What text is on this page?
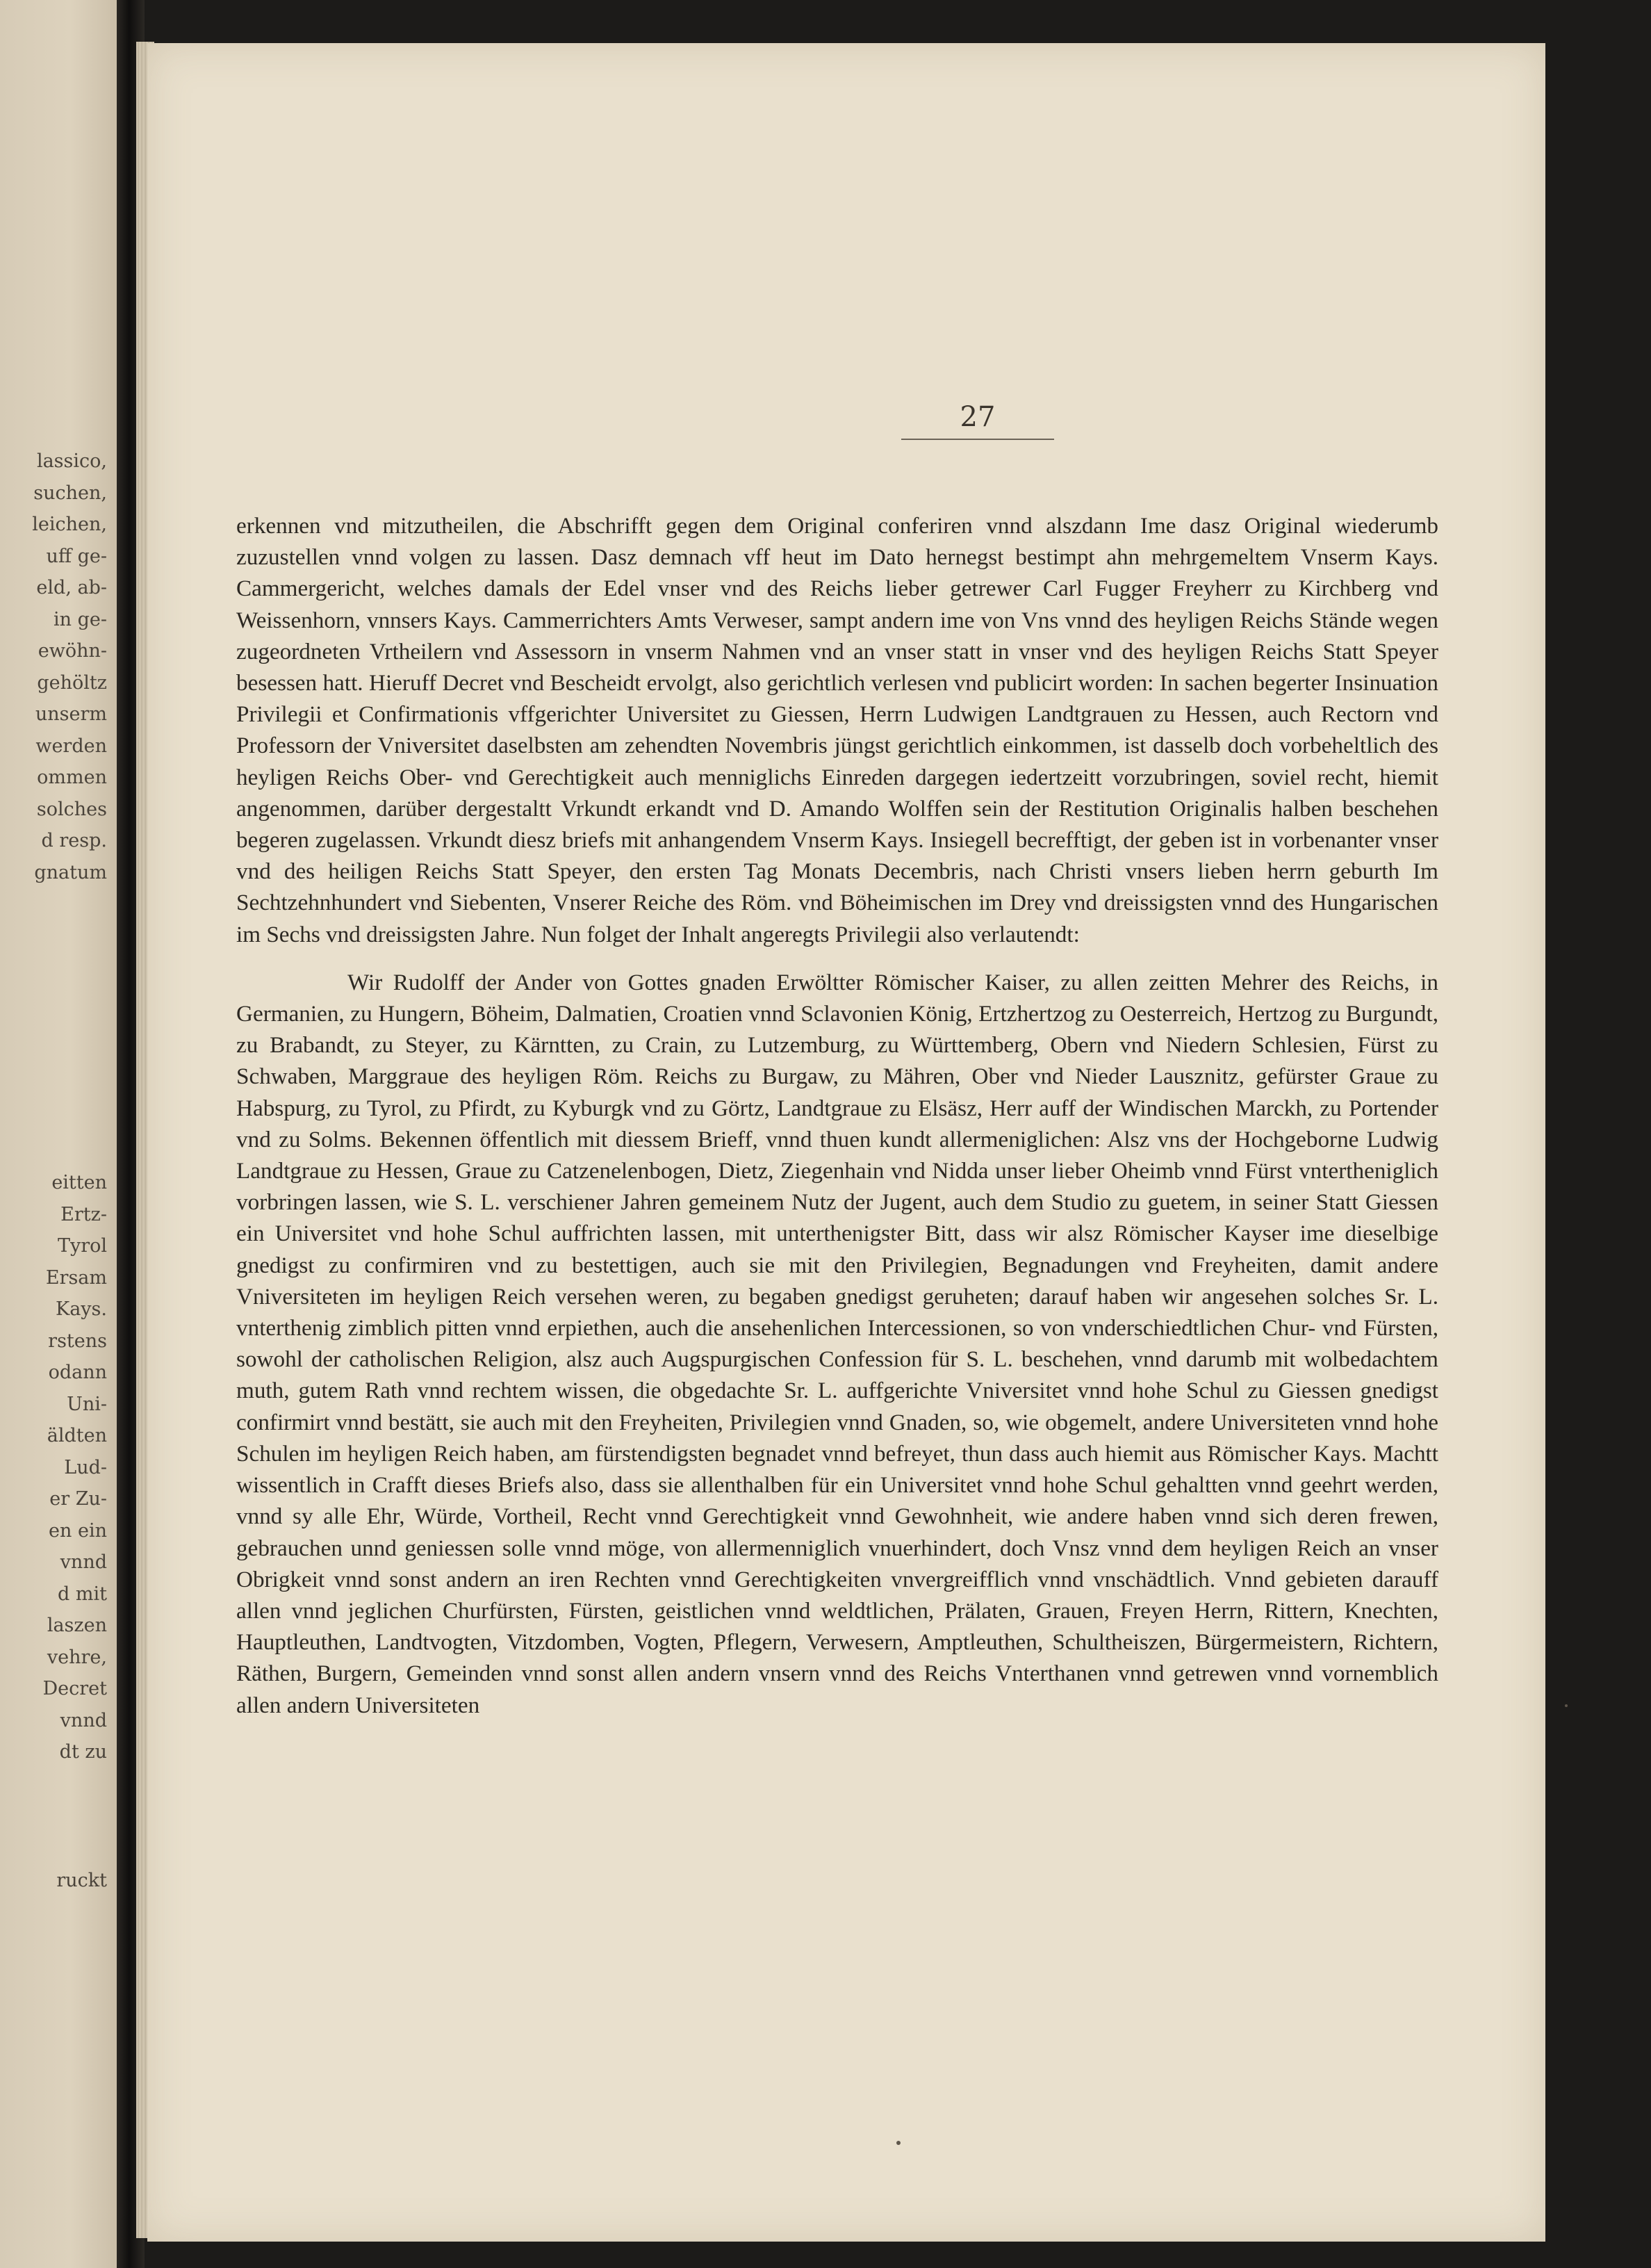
lassico,
suchen,
leichen,
uff ge-
eld, ab-
in ge-
ewöhn-
gehöltz
unserm
werden
ommen
solches
d resp.
gnatum
eitten
Ertz-
Tyrol
Ersam
Kays.
rstens
odann
Uni-
äldten
Lud-
er Zu-
en ein
vnnd
d mit
laszen
vehre,
Decret
vnnd
dt zu
ruckt
27

erkennen vnd mitzutheilen, die Abschrifft gegen dem Original conferiren vnnd alszdann Ime dasz Original wiederumb zuzustellen vnnd volgen zu lassen. Dasz demnach vff heut im Dato hernegst bestimpt ahn mehrgemeltem Vnserm Kays. Cammergericht, welches damals der Edel vnser vnd des Reichs lieber getrewer Carl Fugger Freyherr zu Kirchberg vnd Weissenhorn, vnnsers Kays. Cammerrichters Amts Verweser, sampt andern ime von Vns vnnd des heyligen Reichs Stände wegen zugeordneten Vrtheilern vnd Assessorn in vnserm Nahmen vnd an vnser statt in vnser vnd des heyligen Reichs Statt Speyer besessen hatt. Hieruff Decret vnd Bescheidt ervolgt, also gerichtlich verlesen vnd publicirt worden: In sachen begerter Insinuation Privilegii et Confirmationis vffgerichter Universitet zu Giessen, Herrn Ludwigen Landtgrauen zu Hessen, auch Rectorn vnd Professorn der Vniversitet daselbsten am zehendten Novembris jüngst gerichtlich einkommen, ist dasselb doch vorbeheltlich des heyligen Reichs Ober- vnd Gerechtigkeit auch menniglichs Einreden dargegen iedertzeitt vorzubringen, soviel recht, hiemit angenommen, darüber dergestaltt Vrkundt erkandt vnd D. Amando Wolffen sein der Restitution Originalis halben beschehen begeren zugelassen. Vrkundt diesz briefs mit anhangendem Vnserm Kays. Insiegell becrefftigt, der geben ist in vorbenanter vnser vnd des heiligen Reichs Statt Speyer, den ersten Tag Monats Decembris, nach Christi vnsers lieben herrn geburth Im Sechtzehnhundert vnd Siebenten, Vnserer Reiche des Röm. vnd Böheimischen im Drey vnd dreissigsten vnnd des Hungarischen im Sechs vnd dreissigsten Jahre. Nun folget der Inhalt angeregts Privilegii also verlautendt:

Wir Rudolff der Ander von Gottes gnaden Erwöltter Römischer Kaiser, zu allen zeitten Mehrer des Reichs, in Germanien, zu Hungern, Böheim, Dalmatien, Croatien vnnd Sclavonien König, Ertzhertzog zu Oesterreich, Hertzog zu Burgundt, zu Brabandt, zu Steyer, zu Kärntten, zu Crain, zu Lutzemburg, zu Württemberg, Obern vnd Niedern Schlesien, Fürst zu Schwaben, Marggraue des heyligen Röm. Reichs zu Burgaw, zu Mähren, Ober vnd Nieder Lausznitz, gefürster Graue zu Habspurg, zu Tyrol, zu Pfirdt, zu Kyburgk vnd zu Görtz, Landtgraue zu Elsäsz, Herr auff der Windischen Marckh, zu Portender vnd zu Solms. Bekennen öffentlich mit diessem Brieff, vnnd thuen kundt allermeniglichen: Alsz vns der Hochgeborne Ludwig Landtgraue zu Hessen, Graue zu Catzenelenbogen, Dietz, Ziegenhain vnd Nidda unser lieber Oheimb vnnd Fürst vntertheniglich vorbringen lassen, wie S. L. verschiener Jahren gemeinem Nutz der Jugent, auch dem Studio zu guetem, in seiner Statt Giessen ein Universitet vnd hohe Schul auffrichten lassen, mit unterthenigster Bitt, dass wir alsz Römischer Kayser ime dieselbige gnedigst zu confirmiren vnd zu bestettigen, auch sie mit den Privilegien, Begnadungen vnd Freyheiten, damit andere Vniversiteten im heyligen Reich versehen weren, zu begaben gnedigst geruheten; darauf haben wir angesehen solches Sr. L. vnterthenig zimblich pitten vnnd erpiethen, auch die ansehenlichen Intercessionen, so von vnderschiedtlichen Chur- vnd Fürsten, sowohl der catholischen Religion, alsz auch Augspurgischen Confession für S. L. beschehen, vnnd darumb mit wolbedachtem muth, gutem Rath vnnd rechtem wissen, die obgedachte Sr. L. auffgerichte Vniversitet vnnd hohe Schul zu Giessen gnedigst confirmirt vnnd bestätt, sie auch mit den Freyheiten, Privilegien vnnd Gnaden, so, wie obgemelt, andere Universiteten vnnd hohe Schulen im heyligen Reich haben, am fürstendigsten begnadet vnnd befreyet, thun dass auch hiemit aus Römischer Kays. Machtt wissentlich in Crafft dieses Briefs also, dass sie allenthalben für ein Universitet vnnd hohe Schul gehaltten vnnd geehrt werden, vnnd sy alle Ehr, Würde, Vortheil, Recht vnnd Gerechtigkeit vnnd Gewohnheit, wie andere haben vnnd sich deren frewen, gebrauchen unnd geniessen solle vnnd möge, von allermenniglich vnuerhindert, doch Vnsz vnnd dem heyligen Reich an vnser Obrigkeit vnnd sonst andern an iren Rechten vnnd Gerechtigkeiten vnvergreifflich vnnd vnschädtlich. Vnnd gebieten darauff allen vnnd jeglichen Churfürsten, Fürsten, geistlichen vnnd weldtlichen, Prälaten, Grauen, Freyen Herrn, Rittern, Knechten, Hauptleuthen, Landtvogten, Vitzdomben, Vogten, Pflegern, Verwesern, Amptleuthen, Schultheiszen, Bürgermeistern, Richtern, Räthen, Burgern, Gemeinden vnnd sonst allen andern vnsern vnnd des Reichs Vnterthanen vnnd getrewen vnnd vornemblich allen andern Universiteten
